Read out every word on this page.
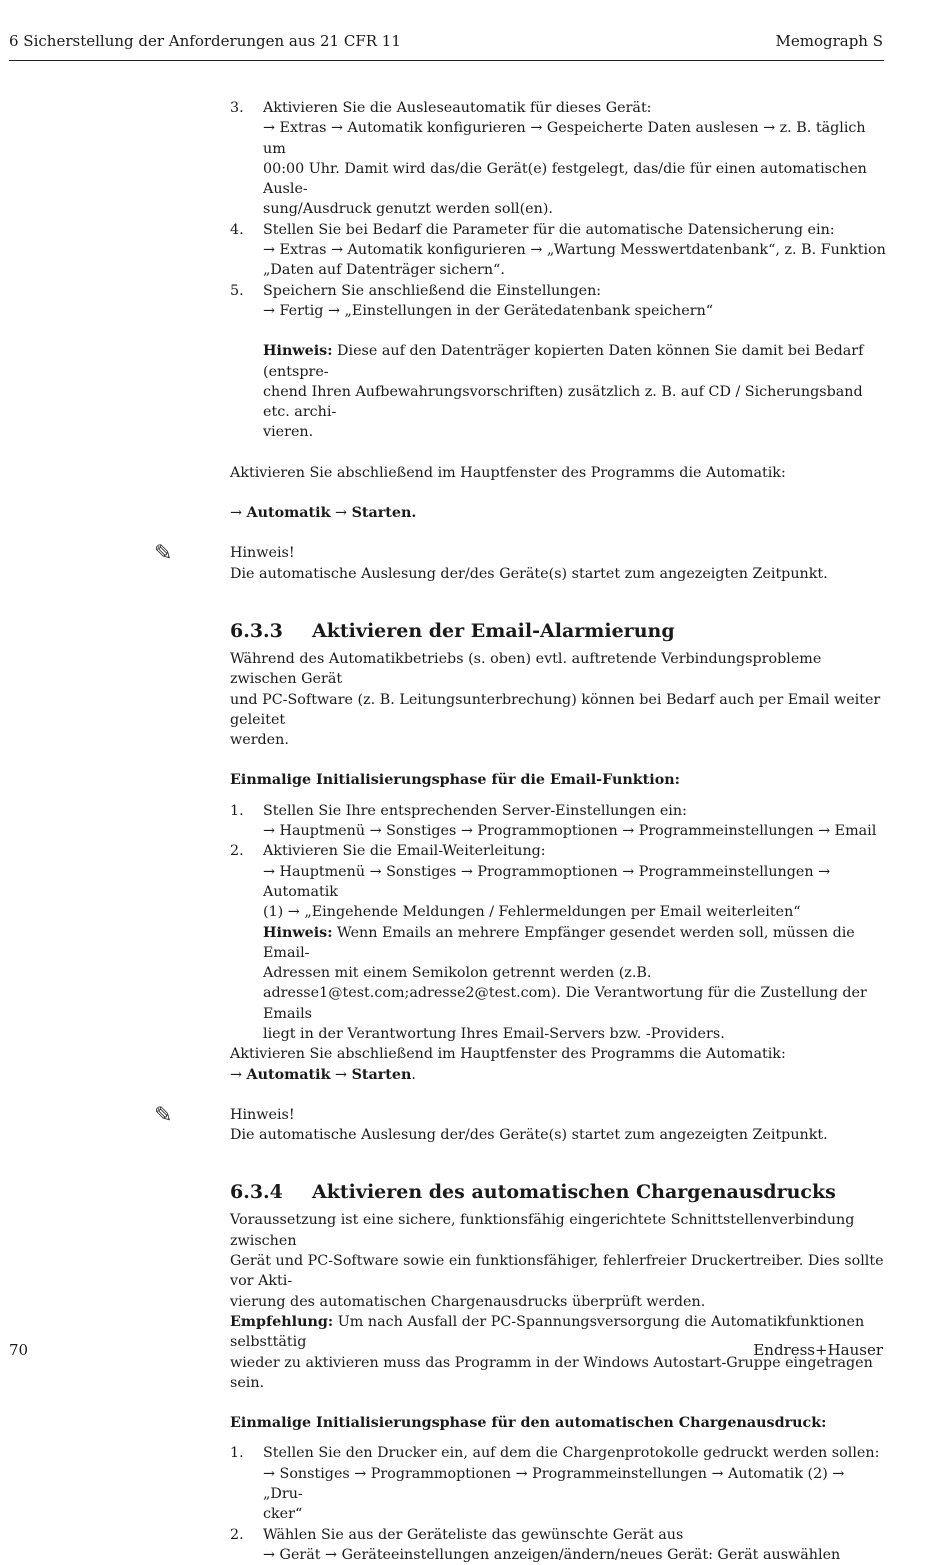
6 Sicherstellung der Anforderungen aus 21 CFR 11	Memograph S
3. Aktivieren Sie die Ausleseautomatik für dieses Gerät:

→ Extras → Automatik konfigurieren → Gespeicherte Daten auslesen → z. B. täglich um

00:00 Uhr. Damit wird das/die Gerät(e) festgelegt, das/die für einen automatischen Ausle-

sung/Ausdruck genutzt werden soll(en).

4. Stellen Sie bei Bedarf die Parameter für die automatische Datensicherung ein:

→ Extras → Automatik konfigurieren → „Wartung Messwertdatenbank“, z. B. Funktion

„Daten auf Datenträger sichern“.

5. Speichern Sie anschließend die Einstellungen:

→ Fertig → „Einstellungen in der Gerätedatenbank speichern“

Hinweis: Diese auf den Datenträger kopierten Daten können Sie damit bei Bedarf (entspre-

chend Ihren Aufbewahrungsvorschriften) zusätzlich z. B. auf CD / Sicherungsband etc. archi-

vieren.

Aktivieren Sie abschließend im Hauptfenster des Programms die Automatik:

→ Automatik → Starten.

✎	Hinweis!

Die automatische Auslesung der/des Geräte(s) startet zum angezeigten Zeitpunkt.

6.3.3 Aktivieren der Email-Alarmierung

Während des Automatikbetriebs (s. oben) evtl. auftretende Verbindungsprobleme zwischen Gerät

und PC-Software (z. B. Leitungsunterbrechung) können bei Bedarf auch per Email weiter geleitet

werden.

Einmalige Initialisierungsphase für die Email-Funktion:

1. Stellen Sie Ihre entsprechenden Server-Einstellungen ein:

→ Hauptmenü → Sonstiges → Programmoptionen → Programmeinstellungen → Email

2. Aktivieren Sie die Email-Weiterleitung:

→ Hauptmenü → Sonstiges → Programmoptionen → Programmeinstellungen → Automatik

(1) → „Eingehende Meldungen / Fehlermeldungen per Email weiterleiten“

Hinweis: Wenn Emails an mehrere Empfänger gesendet werden soll, müssen die Email-

Adressen mit einem Semikolon getrennt werden (z.B.

adresse1@test.com;adresse2@test.com). Die Verantwortung für die Zustellung der Emails

liegt in der Verantwortung Ihres Email-Servers bzw. -Providers.

Aktivieren Sie abschließend im Hauptfenster des Programms die Automatik:

→ Automatik → Starten.

✎	Hinweis!

Die automatische Auslesung der/des Geräte(s) startet zum angezeigten Zeitpunkt.

6.3.4 Aktivieren des automatischen Chargenausdrucks

Voraussetzung ist eine sichere, funktionsfähig eingerichtete Schnittstellenverbindung zwischen

Gerät und PC-Software sowie ein funktionsfähiger, fehlerfreier Druckertreiber. Dies sollte vor Akti-

vierung des automatischen Chargenausdrucks überprüft werden.

Empfehlung: Um nach Ausfall der PC-Spannungsversorgung die Automatikfunktionen selbsttätig

wieder zu aktivieren muss das Programm in der Windows Autostart-Gruppe eingetragen sein.

Einmalige Initialisierungsphase für den automatischen Chargenausdruck:

1. Stellen Sie den Drucker ein, auf dem die Chargenprotokolle gedruckt werden sollen:

→ Sonstiges → Programmoptionen → Programmeinstellungen → Automatik (2) → „Dru-

cker“

2. Wählen Sie aus der Geräteliste das gewünschte Gerät aus

→ Gerät → Geräteeinstellungen anzeigen/ändern/neues Gerät: Gerät auswählen

70	Endress+Hauser
